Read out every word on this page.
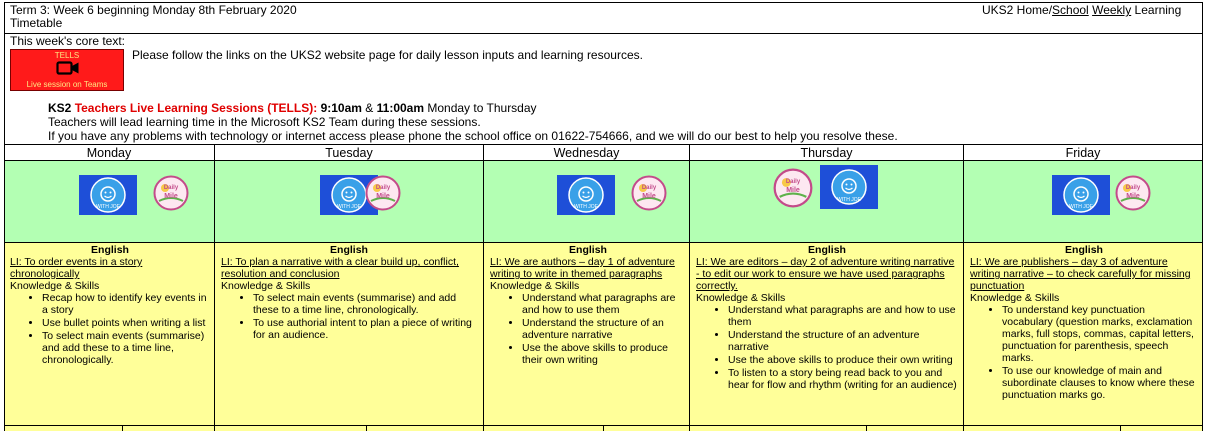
Term 3: Week 6 beginning Monday 8th February 2020
Timetable
UKS2 Home/School Weekly Learning
This week's core text:
TELLS
Live session on Teams
Please follow the links on the UKS2 website page for daily lesson inputs and learning resources.
KS2 Teachers Live Learning Sessions (TELLS): 9:10am & 11:00am Monday to Thursday
Teachers will lead learning time in the Microsoft KS2 Team during these sessions.
If you have any problems with technology or internet access please phone the school office on 01622-754666, and we will do our best to help you resolve these.
Monday	Tuesday	Wednesday	Thursday	Friday
WITH JOE
Daily
Mile
WITH JOE
Daily
Mile
WITH JOE
Daily
Mile
Daily
Mile
WITH JOE
WITH JOE
Daily
Mile
English
LI: To order events in a story chronologically
Knowledge & Skills
• Recap how to identify key events in a story
• Use bullet points when writing a list
• To select main events (summarise) and add these to a time line, chronologically.
English
LI: To plan a narrative with a clear build up, conflict, resolution and conclusion
Knowledge & Skills
• To select main events (summarise) and add these to a time line, chronologically.
• To use authorial intent to plan a piece of writing for an audience.
English
LI: We are authors – day 1 of adventure writing to write in themed paragraphs
Knowledge & Skills
• Understand what paragraphs are and how to use them
• Understand the structure of an adventure narrative
• Use the above skills to produce their own writing
English
LI: We are editors – day 2 of adventure writing narrative - to edit our work to ensure we have used paragraphs correctly.
Knowledge & Skills
• Understand what paragraphs are and how to use them
• Understand the structure of an adventure narrative
• Use the above skills to produce their own writing
• To listen to a story being read back to you and hear for flow and rhythm (writing for an audience)
English
LI: We are publishers – day 3 of adventure writing narrative – to check carefully for missing punctuation
Knowledge & Skills
• To understand key punctuation vocabulary (question marks, exclamation marks, full stops, commas, capital letters, punctuation for parenthesis, speech marks.
• To use our knowledge of main and subordinate clauses to know where these punctuation marks go.
